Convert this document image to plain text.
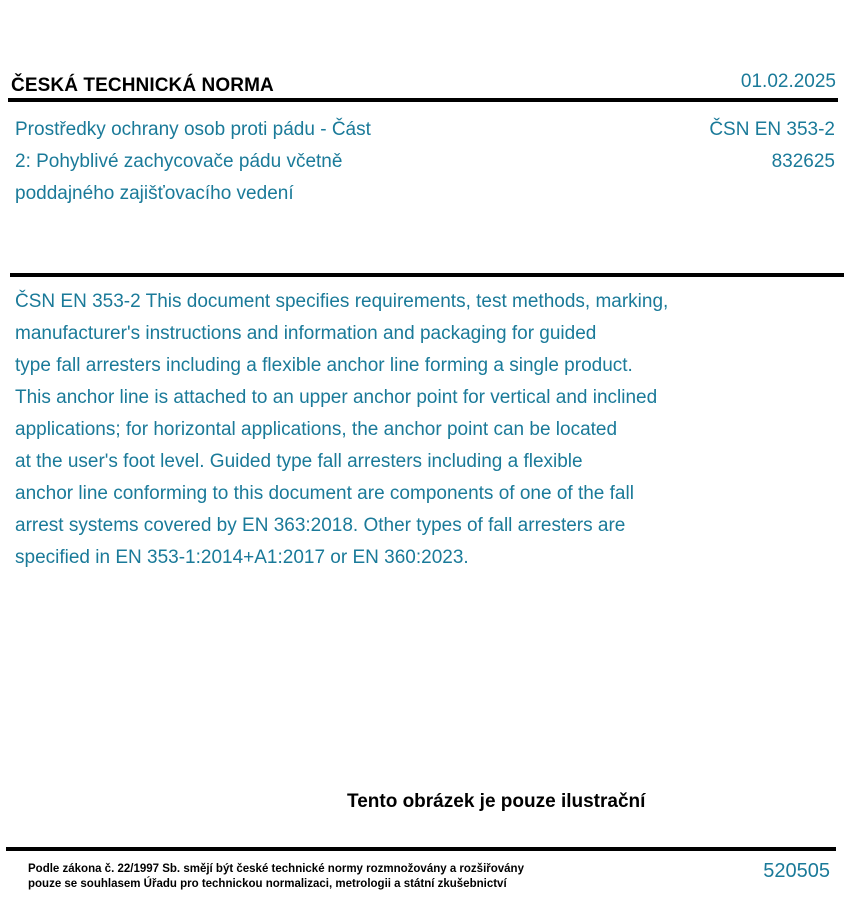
ČESKÁ TECHNICKÁ NORMA	01.02.2025
Prostředky ochrany osob proti pádu - Část
2: Pohyblivé zachycovače pádu včetně
poddajného zajišťovacího vedení
ČSN EN 353-2
832625
ČSN EN 353-2 This document specifies requirements, test methods, marking,
manufacturer's instructions and information and packaging for guided
type fall arresters including a flexible anchor line forming a single product.
This anchor line is attached to an upper anchor point for vertical and inclined
applications; for horizontal applications, the anchor point can be located
at the user's foot level. Guided type fall arresters including a flexible
anchor line conforming to this document are components of one of the fall
arrest systems covered by EN 363:2018. Other types of fall arresters are
specified in EN 353-1:2014+A1:2017 or EN 360:2023.
Tento obrázek je pouze ilustrační
Podle zákona č. 22/1997 Sb. smějí být české technické normy rozmnožovány a rozšiřovány
pouze se souhlasem Úřadu pro technickou normalizaci, metrologii a státní zkušebnictví
520505
